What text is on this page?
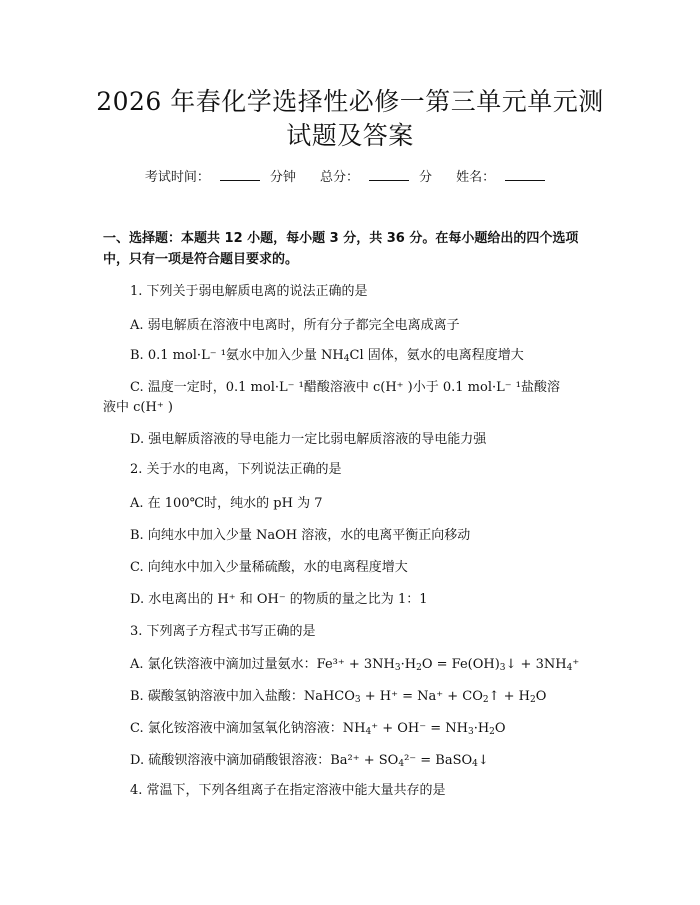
2026 年春化学选择性必修一第三单元单元测
试题及答案
考试时间：	分钟 总分：	分 姓名：
一、选择题：本题共 12 小题，每小题 3 分，共 36 分。在每小题给出的四个选项中，只有一项是符合题目要求的。
1. 下列关于弱电解质电离的说法正确的是
A. 弱电解质在溶液中电离时，所有分子都完全电离成离子
B. 0.1 mol·L⁻ ¹氨水中加入少量 $NH_4Cl$ 固体，氨水的电离程度增大
C. 温度一定时，0.1 mol·L⁻ ¹醋酸溶液中 c(H⁺ )小于 0.1 mol·L⁻ ¹盐酸溶
液中 c(H⁺ )
D. 强电解质溶液的导电能力一定比弱电解质溶液的导电能力强
2. 关于水的电离，下列说法正确的是
A. 在 100℃时，纯水的 pH 为 7
B. 向纯水中加入少量 NaOH 溶液，水的电离平衡正向移动
C. 向纯水中加入少量稀硫酸，水的电离程度增大
D. 水电离出的 H⁺ 和 OH⁻ 的物质的量之比为 1：1
3. 下列离子方程式书写正确的是
A. 氯化铁溶液中滴加过量氨水：$Fe^{3+} + 3NH_3\cdot H_2O$ = $Fe(OH)_3↓ + 3NH_4^+$
B. 碳酸氢钠溶液中加入盐酸：NaHCO$_3$ + $H^+ = Na^+ + CO_2↑ + H_2O$
C. 氯化铵溶液中滴加氢氧化钠溶液：$NH_4^+ + OH^- = NH_3\cdot H_2O$
D. 硫酸钡溶液中滴加硝酸银溶液：$Ba^{2+} + SO_4^{2-}$ = BaSO$_4$↓
4. 常温下，下列各组离子在指定溶液中能大量共存的是
